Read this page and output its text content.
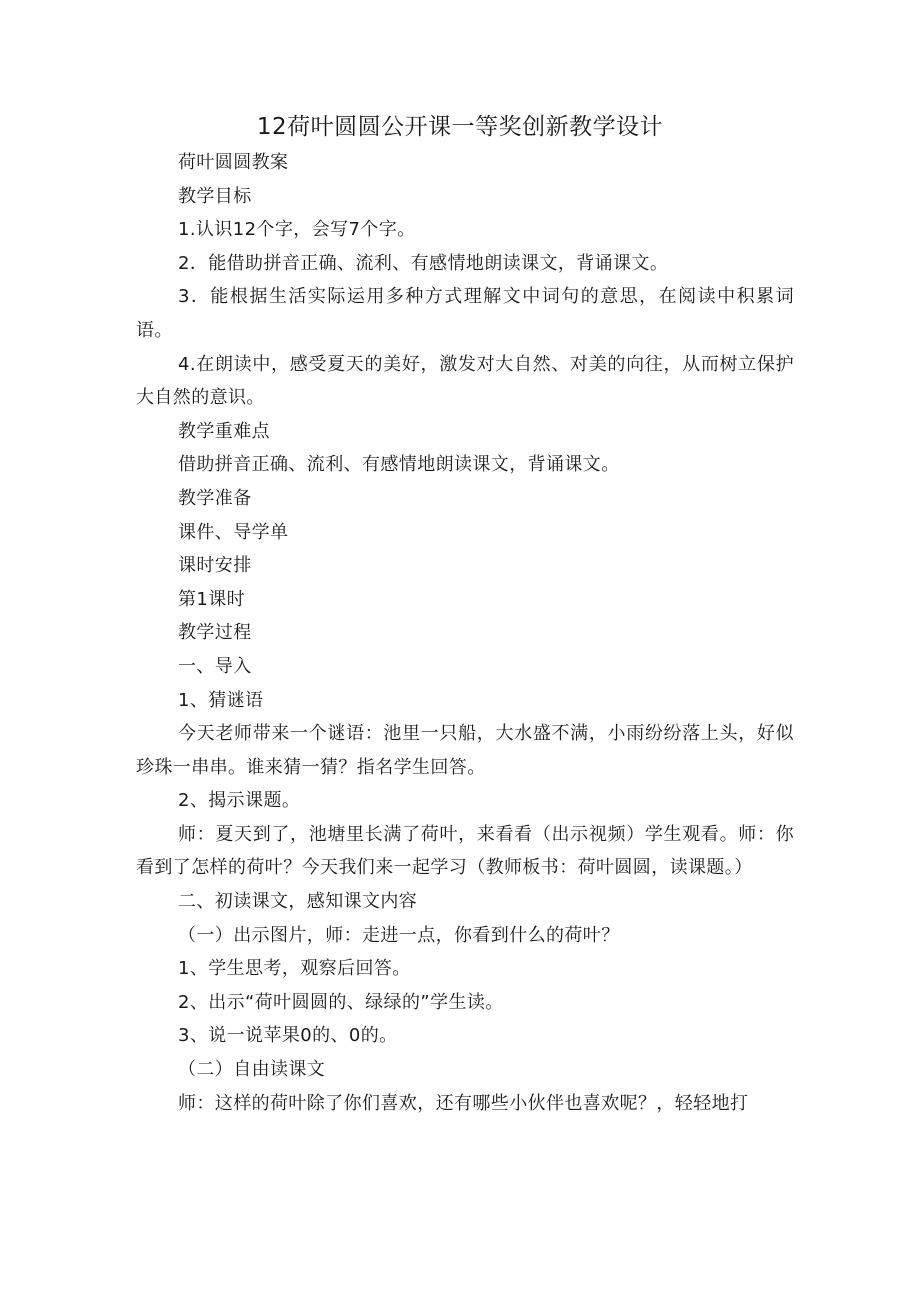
12荷叶圆圆公开课一等奖创新教学设计

荷叶圆圆教案

教学目标

1.认识12个字，会写7个字。

2．能借助拼音正确、流利、有感情地朗读课文，背诵课文。

3．能根据生活实际运用多种方式理解文中词句的意思，在阅读中积累词语。

4.在朗读中，感受夏天的美好，激发对大自然、对美的向往，从而树立保护大自然的意识。

教学重难点

借助拼音正确、流利、有感情地朗读课文，背诵课文。

教学准备

课件、导学单

课时安排

第1课时

教学过程

一、导入

1、猜谜语

今天老师带来一个谜语：池里一只船，大水盛不满，小雨纷纷落上头，好似珍珠一串串。谁来猜一猜？指名学生回答。

2、揭示课题。

师：夏天到了，池塘里长满了荷叶，来看看（出示视频）学生观看。师：你看到了怎样的荷叶？今天我们来一起学习（教师板书：荷叶圆圆，读课题。）

二、初读课文，感知课文内容

（一）出示图片，师：走进一点，你看到什么的荷叶？

1、学生思考，观察后回答。

2、出示“荷叶圆圆的、绿绿的”学生读。

3、说一说苹果0的、0的。

（二）自由读课文

师：这样的荷叶除了你们喜欢，还有哪些小伙伴也喜欢呢？，轻轻地打
